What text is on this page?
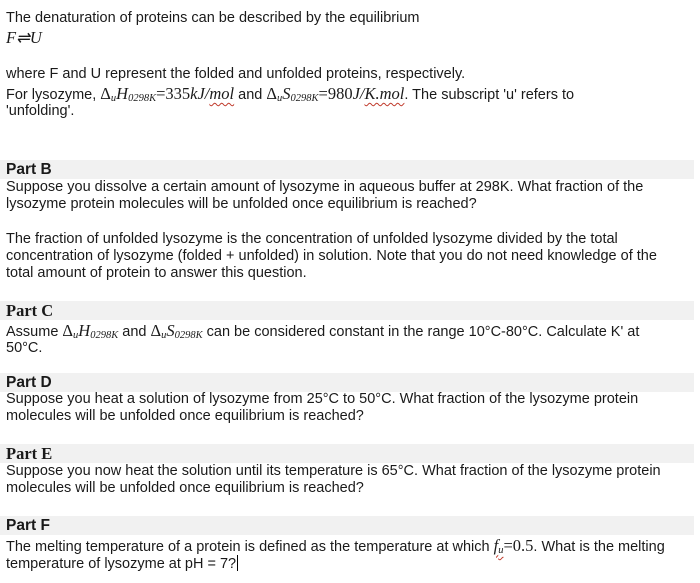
The denaturation of proteins can be described by the equilibrium
F⇌U
where F and U represent the folded and unfolded proteins, respectively.
For lysozyme, ΔuH0298K=335kJ/mol and ΔuS0298K=980J/K.mol. The subscript 'u' refers to
'unfolding'.
Part B
Suppose you dissolve a certain amount of lysozyme in aqueous buffer at 298K. What fraction of the
lysozyme protein molecules will be unfolded once equilibrium is reached?
The fraction of unfolded lysozyme is the concentration of unfolded lysozyme divided by the total
concentration of lysozyme (folded + unfolded) in solution. Note that you do not need knowledge of the
total amount of protein to answer this question.
Part C
Assume ΔuH0298K and ΔuS0298K can be considered constant in the range 10°C-80°C. Calculate K' at
50°C.
Part D
Suppose you heat a solution of lysozyme from 25°C to 50°C. What fraction of the lysozyme protein
molecules will be unfolded once equilibrium is reached?
Part E
Suppose you now heat the solution until its temperature is 65°C. What fraction of the lysozyme protein
molecules will be unfolded once equilibrium is reached?
Part F
The melting temperature of a protein is defined as the temperature at which fu=0.5. What is the melting
temperature of lysozyme at pH = 7?
